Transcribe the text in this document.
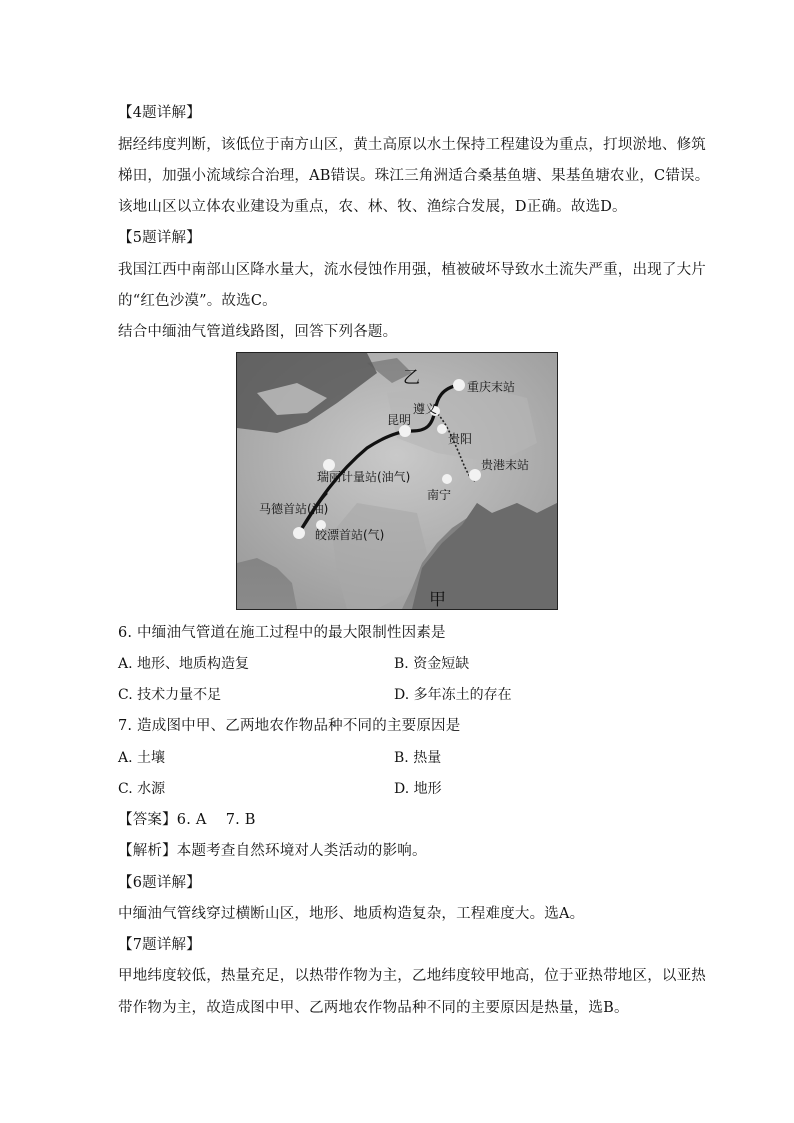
【4题详解】
据经纬度判断，该低位于南方山区，黄土高原以水土保持工程建设为重点，打坝淤地、修筑
梯田，加强小流域综合治理，AB错误。珠江三角洲适合桑基鱼塘、果基鱼塘农业，C错误。
该地山区以立体农业建设为重点，农、林、牧、渔综合发展，D正确。故选D。
【5题详解】
我国江西中南部山区降水量大，流水侵蚀作用强，植被破坏导致水土流失严重，出现了大片
的“红色沙漠”。故选C。
结合中缅油气管道线路图，回答下列各题。
乙
甲
重庆末站
遵义
昆明
贵阳
贵港末站
瑞丽计量站(油气)
南宁
马德首站(油)
皎漂首站(气)
6. 中缅油气管道在施工过程中的最大限制性因素是
A. 地形、地质构造复	B. 资金短缺
C. 技术力量不足	D. 多年冻土的存在
7. 造成图中甲、乙两地农作物品种不同的主要原因是
A. 土壤	B. 热量
C. 水源	D. 地形
【答案】6. A    7. B
【解析】本题考查自然环境对人类活动的影响。
【6题详解】
中缅油气管线穿过横断山区，地形、地质构造复杂，工程难度大。选A。
【7题详解】
甲地纬度较低，热量充足，以热带作物为主，乙地纬度较甲地高，位于亚热带地区，以亚热
带作物为主，故造成图中甲、乙两地农作物品种不同的主要原因是热量，选B。
